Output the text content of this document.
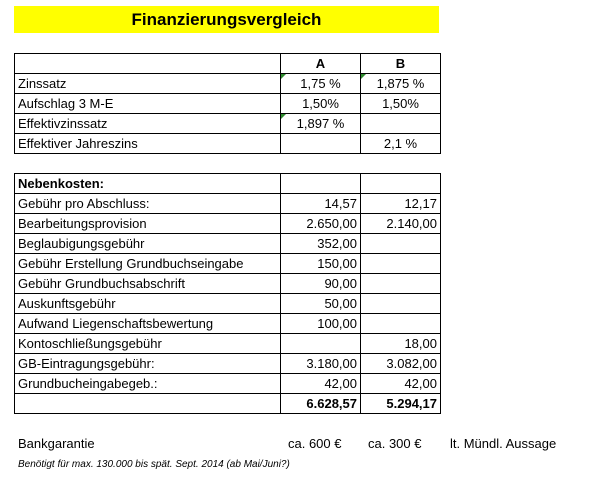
Finanzierungsvergleich
	A	B
Zinssatz	1,75 %	1,875 %
Aufschlag 3 M-E	1,50%	1,50%
Effektivzinssatz	1,897 %	
Effektiver Jahreszins		2,1 %

Nebenkosten:		
Gebühr pro Abschluss:	14,57	12,17
Bearbeitungsprovision	2.650,00	2.140,00
Beglaubigungsgebühr	352,00	
Gebühr Erstellung Grundbuchseingabe	150,00	
Gebühr Grundbuchsabschrift	90,00	
Auskunftsgebühr	50,00	
Aufwand Liegenschaftsbewertung	100,00	
Kontoschließungsgebühr		18,00
GB-Eintragungsgebühr:	3.180,00	3.082,00
Grundbucheingabegeb.:	42,00	42,00
	6.628,57	5.294,17
Bankgarantie	ca. 600 € ca. 300 € lt. Mündl. Aussage
Benötigt für max. 130.000 bis spät. Sept. 2014 (ab Mai/Juni?)
